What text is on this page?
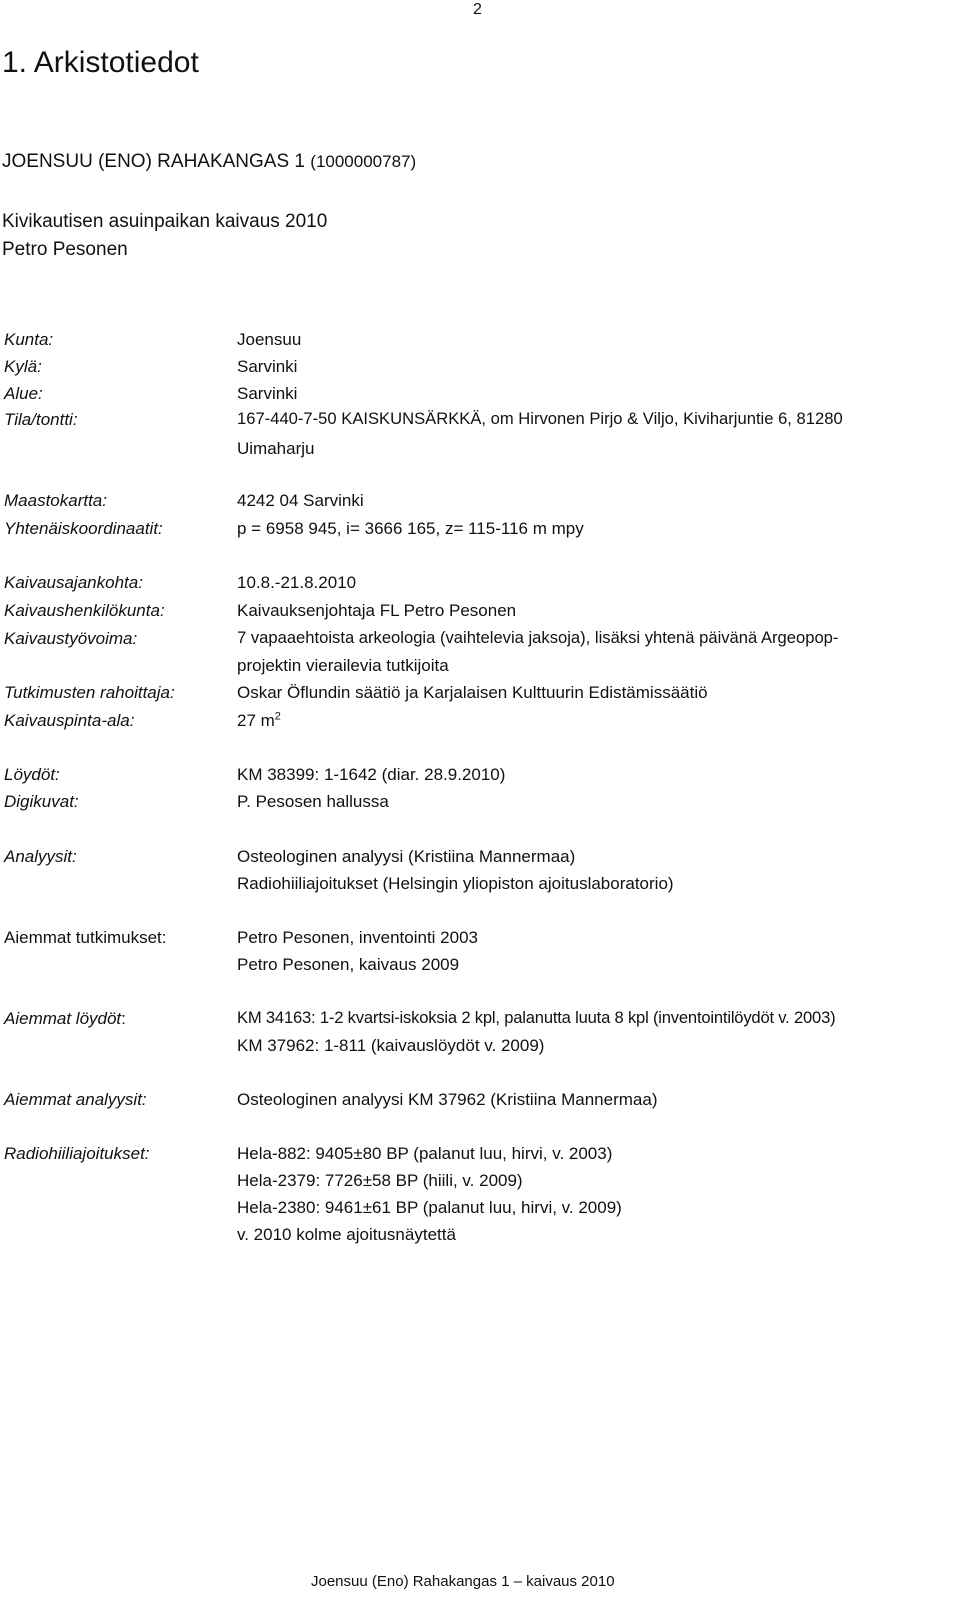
2
1. Arkistotiedot
JOENSUU (ENO) RAHAKANGAS 1 (1000000787)
Kivikautisen asuinpaikan kaivaus 2010
Petro Pesonen
Kunta:	Joensuu
Kylä:	Sarvinki
Alue:	Sarvinki
Tila/tontti:	167-440-7-50 KAISKUNSÄRKKÄ, om Hirvonen Pirjo & Viljo, Kiviharjuntie 6, 81280
Uimaharju
Maastokartta:	4242 04 Sarvinki
Yhtenäiskoordinaatit:	p = 6958 945, i= 3666 165, z= 115-116 m mpy
Kaivausajankohta:	10.8.-21.8.2010
Kaivaushenkilökunta:	Kaivauksenjohtaja FL Petro Pesonen
Kaivaustyövoima:	7 vapaaehtoista arkeologia (vaihtelevia jaksoja), lisäksi yhtenä päivänä Argeopop-
projektin vierailevia tutkijoita
Tutkimusten rahoittaja:	Oskar Öflundin säätiö ja Karjalaisen Kulttuurin Edistämissäätiö
Kaivauspinta-ala:	27 $m^2$
Löydöt:	KM 38399: 1-1642 (diar. 28.9.2010)
Digikuvat:	P. Pesosen hallussa
Analyysit:	Osteologinen analyysi (Kristiina Mannermaa)
Radiohiiliajoitukset (Helsingin yliopiston ajoituslaboratorio)
Aiemmat tutkimukset:	Petro Pesonen, inventointi 2003
Petro Pesonen, kaivaus 2009
Aiemmat löydöt:	KM 34163: 1-2 kvartsi-iskoksia 2 kpl, palanutta luuta 8 kpl (inventointilöydöt v. 2003)
KM 37962: 1-811 (kaivauslöydöt v. 2009)
Aiemmat analyysit:	Osteologinen analyysi KM 37962 (Kristiina Mannermaa)
Radiohiiliajoitukset:	Hela-882: 9405±80 BP (palanut luu, hirvi, v. 2003)
Hela-2379: 7726±58 BP (hiili, v. 2009)
Hela-2380: 9461±61 BP (palanut luu, hirvi, v. 2009)
v. 2010 kolme ajoitusnäytettä
Joensuu (Eno) Rahakangas 1 – kaivaus 2010
